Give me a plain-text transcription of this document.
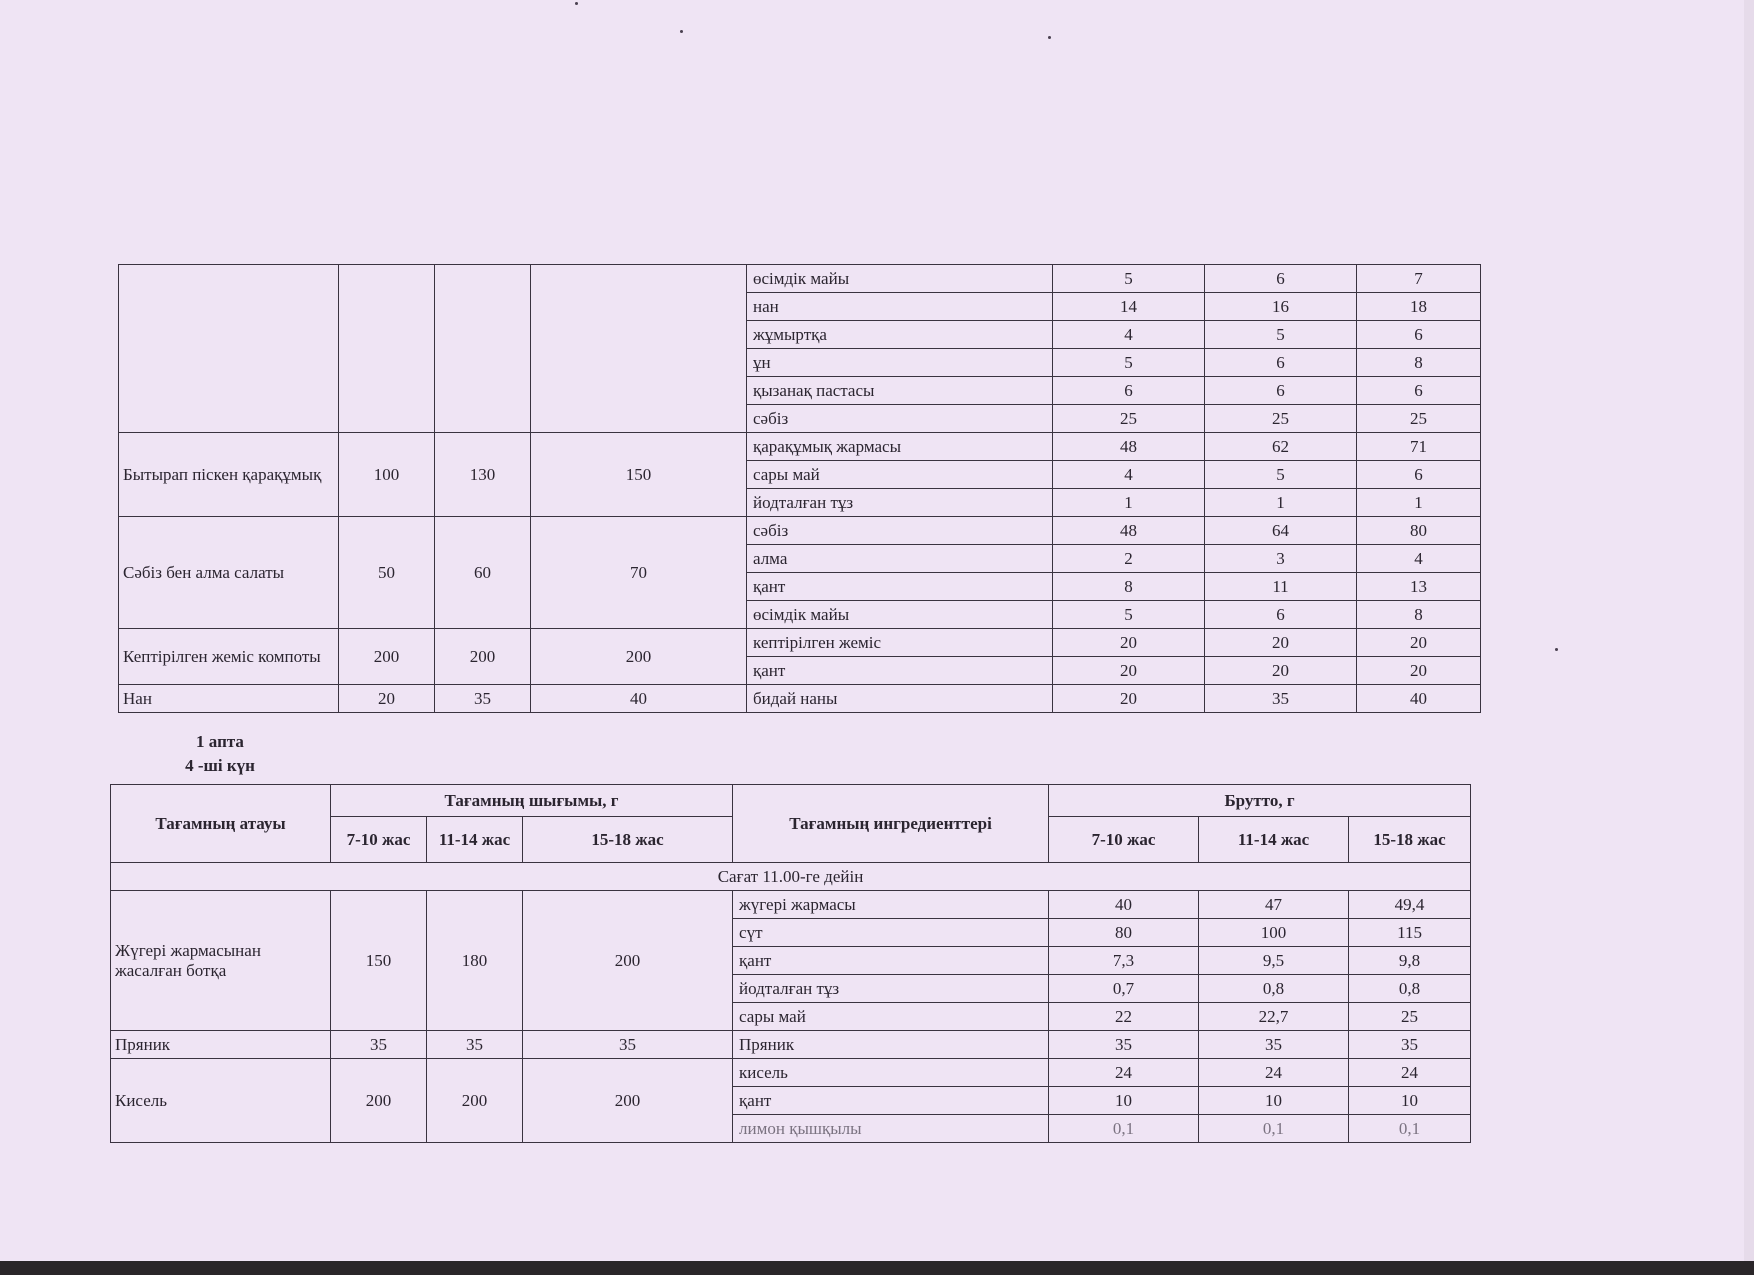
				өсімдік майы	5	6	7
				нан	14	16	18
				жұмыртқа	4	5	6
				ұн	5	6	8
				қызанақ пастасы	6	6	6
				сәбіз	25	25	25
Бытырап піскен қарақұмық	100	130	150	қарақұмық жармасы	48	62	71
				сары май	4	5	6
				йодталған тұз	1	1	1
Сәбіз бен алма салаты	50	60	70	сәбіз	48	64	80
				алма	2	3	4
				қант	8	11	13
				өсімдік майы	5	6	8
Кептірілген жеміс компоты	200	200	200	кептірілген жеміс	20	20	20
				қант	20	20	20
Нан	20	35	40	бидай наны	20	35	40
1 апта
4 -ші күн
Тағамның атауы	Тағамның шығымы, г			Тағамның ингредиенттері	Брутто, г		
	7-10 жас	11-14 жас	15-18 жас		7-10 жас	11-14 жас	15-18 жас
Сағат 11.00-ге дейін							
Жүгері жармасынан жасалған ботқа	150	180	200	жүгері жармасы	40	47	49,4
				сүт	80	100	115
				қант	7,3	9,5	9,8
				йодталған тұз	0,7	0,8	0,8
				сары май	22	22,7	25
Пряник	35	35	35	Пряник	35	35	35
Кисель	200	200	200	кисель	24	24	24
				қант	10	10	10
				лимон қышқылы	0,1	0,1	0,1
